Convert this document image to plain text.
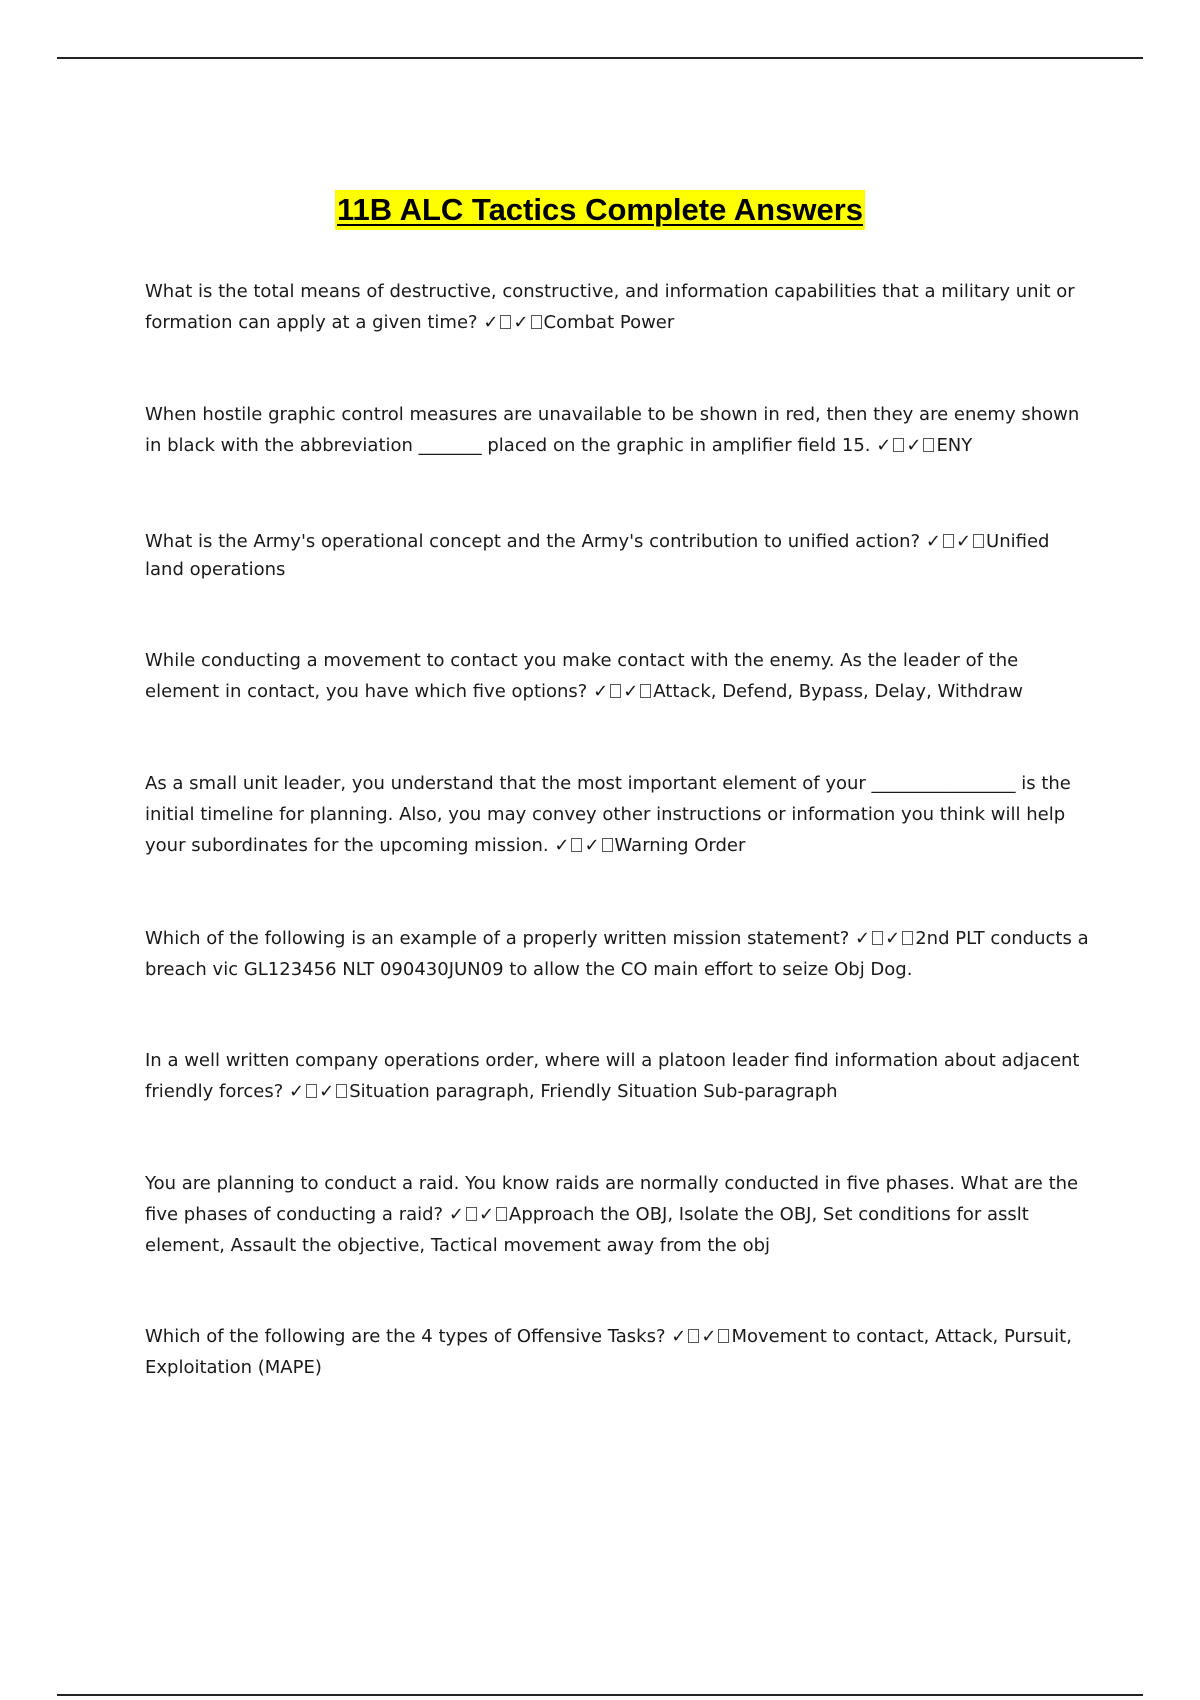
11B ALC Tactics Complete Answers

What is the total means of destructive, constructive, and information capabilities that a military unit or formation can apply at a given time? ✓ ✓ Combat Power

When hostile graphic control measures are unavailable to be shown in red, then they are enemy shown in black with the abbreviation _______ placed on the graphic in amplifier field 15. ✓ ✓ ENY

What is the Army's operational concept and the Army's contribution to unified action? ✓ ✓ Unified land operations

While conducting a movement to contact you make contact with the enemy. As the leader of the element in contact, you have which five options? ✓ ✓ Attack, Defend, Bypass, Delay, Withdraw

As a small unit leader, you understand that the most important element of your ________________ is the initial timeline for planning. Also, you may convey other instructions or information you think will help your subordinates for the upcoming mission. ✓ ✓ Warning Order

Which of the following is an example of a properly written mission statement? ✓ ✓ 2nd PLT conducts a breach vic GL123456 NLT 090430JUN09 to allow the CO main effort to seize Obj Dog.

In a well written company operations order, where will a platoon leader find information about adjacent friendly forces? ✓ ✓ Situation paragraph, Friendly Situation Sub-paragraph

You are planning to conduct a raid. You know raids are normally conducted in five phases. What are the five phases of conducting a raid? ✓ ✓ Approach the OBJ, Isolate the OBJ, Set conditions for asslt element, Assault the objective, Tactical movement away from the obj

Which of the following are the 4 types of Offensive Tasks? ✓ ✓ Movement to contact, Attack, Pursuit, Exploitation (MAPE)
